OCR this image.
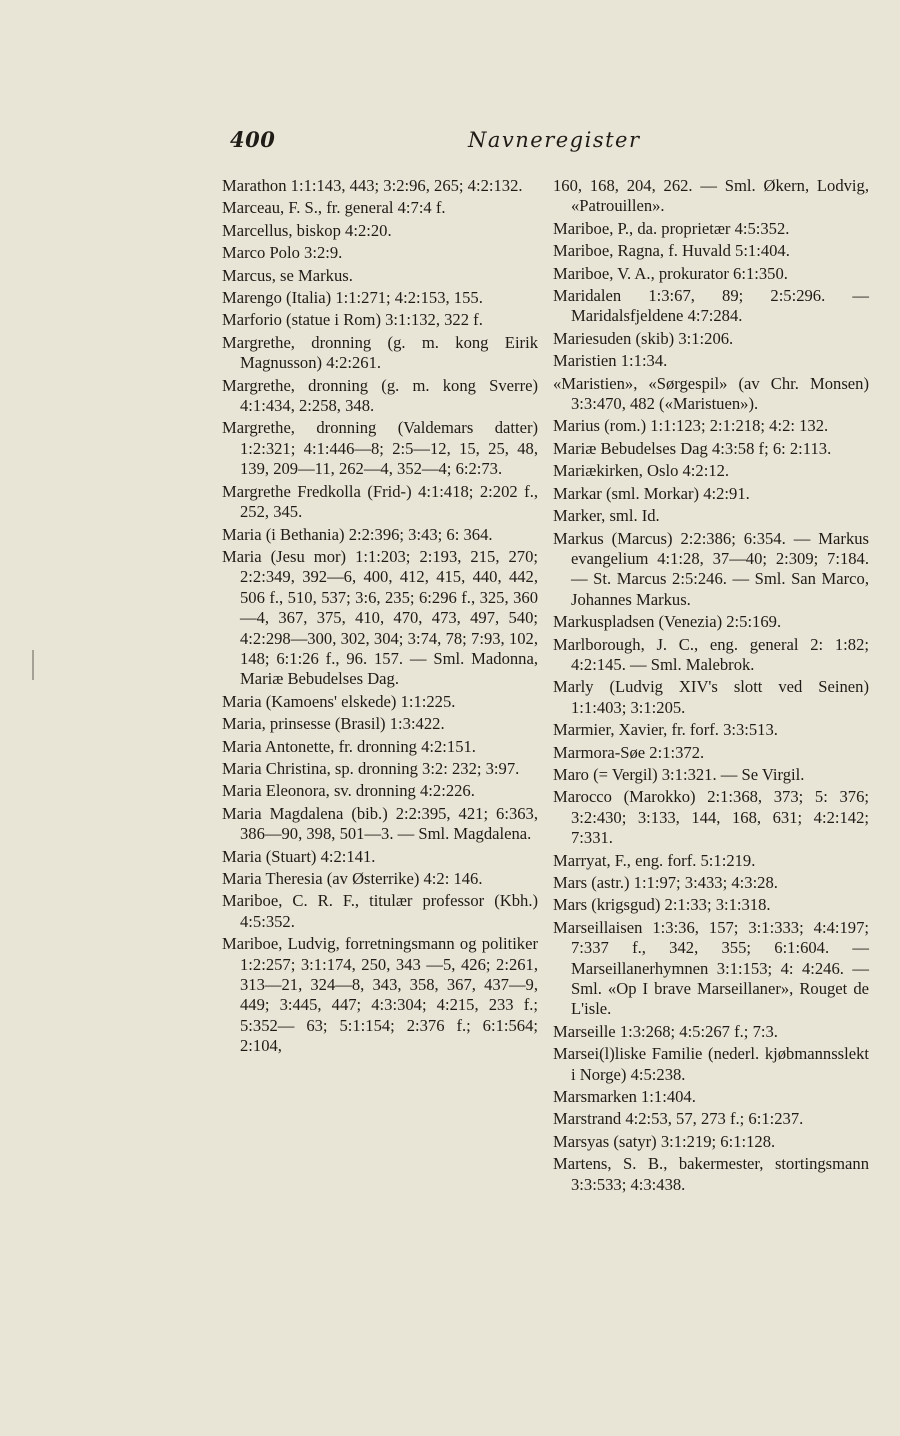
400	Navneregister

Marathon 1:1:143, 443; 3:2:96, 265; 4:2:132.

Marceau, F. S., fr. general 4:7:4 f.

Marcellus, biskop 4:2:20.

Marco Polo 3:2:9.

Marcus, se Markus.

Marengo (Italia) 1:1:271; 4:2:153, 155.

Marforio (statue i Rom) 3:1:132, 322 f.

Margrethe, dronning (g. m. kong Eirik Magnusson) 4:2:261.

Margrethe, dronning (g. m. kong Sverre) 4:1:434, 2:258, 348.

Margrethe, dronning (Valdemars datter) 1:2:321; 4:1:446—8; 2:5—12, 15, 25, 48, 139, 209—11, 262—4, 352—4; 6:2:73.

Margrethe Fredkolla (Frid-) 4:1:418; 2:202 f., 252, 345.

Maria (i Bethania) 2:2:396; 3:43; 6: 364.

Maria (Jesu mor) 1:1:203; 2:193, 215, 270; 2:2:349, 392—6, 400, 412, 415, 440, 442, 506 f., 510, 537; 3:6, 235; 6:296 f., 325, 360—4, 367, 375, 410, 470, 473, 497, 540; 4:2:298—300, 302, 304; 3:74, 78; 7:93, 102, 148; 6:1:26 f., 96. 157. — Sml. Madonna, Mariæ Bebudelses Dag.

Maria (Kamoens' elskede) 1:1:225.

Maria, prinsesse (Brasil) 1:3:422.

Maria Antonette, fr. dronning 4:2:151.

Maria Christina, sp. dronning 3:2: 232; 3:97.

Maria Eleonora, sv. dronning 4:2:226.

Maria Magdalena (bib.) 2:2:395, 421; 6:363, 386—90, 398, 501—3. — Sml. Magdalena.

Maria (Stuart) 4:2:141.

Maria Theresia (av Østerrike) 4:2: 146.

Mariboe, C. R. F., titulær professor (Kbh.) 4:5:352.

Mariboe, Ludvig, forretningsmann og politiker 1:2:257; 3:1:174, 250, 343 —5, 426; 2:261, 313—21, 324—8, 343, 358, 367, 437—9, 449; 3:445, 447; 4:3:304; 4:215, 233 f.; 5:352— 63; 5:1:154; 2:376 f.; 6:1:564; 2:104,

160, 168, 204, 262. — Sml. Økern, Lodvig, «Patrouillen».

Mariboe, P., da. proprietær 4:5:352.

Mariboe, Ragna, f. Huvald 5:1:404.

Mariboe, V. A., prokurator 6:1:350.

Maridalen 1:3:67, 89; 2:5:296. — Maridalsfjeldene 4:7:284.

Mariesuden (skib) 3:1:206.

Maristien 1:1:34.

«Maristien», «Sørgespil» (av Chr. Monsen) 3:3:470, 482 («Maristuen»).

Marius (rom.) 1:1:123; 2:1:218; 4:2: 132.

Mariæ Bebudelses Dag 4:3:58 f; 6: 2:113.

Mariækirken, Oslo 4:2:12.

Markar (sml. Morkar) 4:2:91.

Marker, sml. Id.

Markus (Marcus) 2:2:386; 6:354. — Markus evangelium 4:1:28, 37—40; 2:309; 7:184. — St. Marcus 2:5:246. — Sml. San Marco, Johannes Markus.

Markuspladsen (Venezia) 2:5:169.

Marlborough, J. C., eng. general 2: 1:82; 4:2:145. — Sml. Malebrok.

Marly (Ludvig XIV's slott ved Seinen) 1:1:403; 3:1:205.

Marmier, Xavier, fr. forf. 3:3:513.

Marmora-Søe 2:1:372.

Maro (= Vergil) 3:1:321. — Se Virgil.

Marocco (Marokko) 2:1:368, 373; 5: 376; 3:2:430; 3:133, 144, 168, 631; 4:2:142; 7:331.

Marryat, F., eng. forf. 5:1:219.

Mars (astr.) 1:1:97; 3:433; 4:3:28.

Mars (krigsgud) 2:1:33; 3:1:318.

Marseillaisen 1:3:36, 157; 3:1:333; 4:4:197; 7:337 f., 342, 355; 6:1:604. — Marseillanerhymnen 3:1:153; 4: 4:246. — Sml. «Op I brave Marseillaner», Rouget de L'isle.

Marseille 1:3:268; 4:5:267 f.; 7:3.

Marsei(l)liske Familie (nederl. kjøbmannsslekt i Norge) 4:5:238.

Marsmarken 1:1:404.

Marstrand 4:2:53, 57, 273 f.; 6:1:237.

Marsyas (satyr) 3:1:219; 6:1:128.

Martens, S. B., bakermester, stortingsmann 3:3:533; 4:3:438.
